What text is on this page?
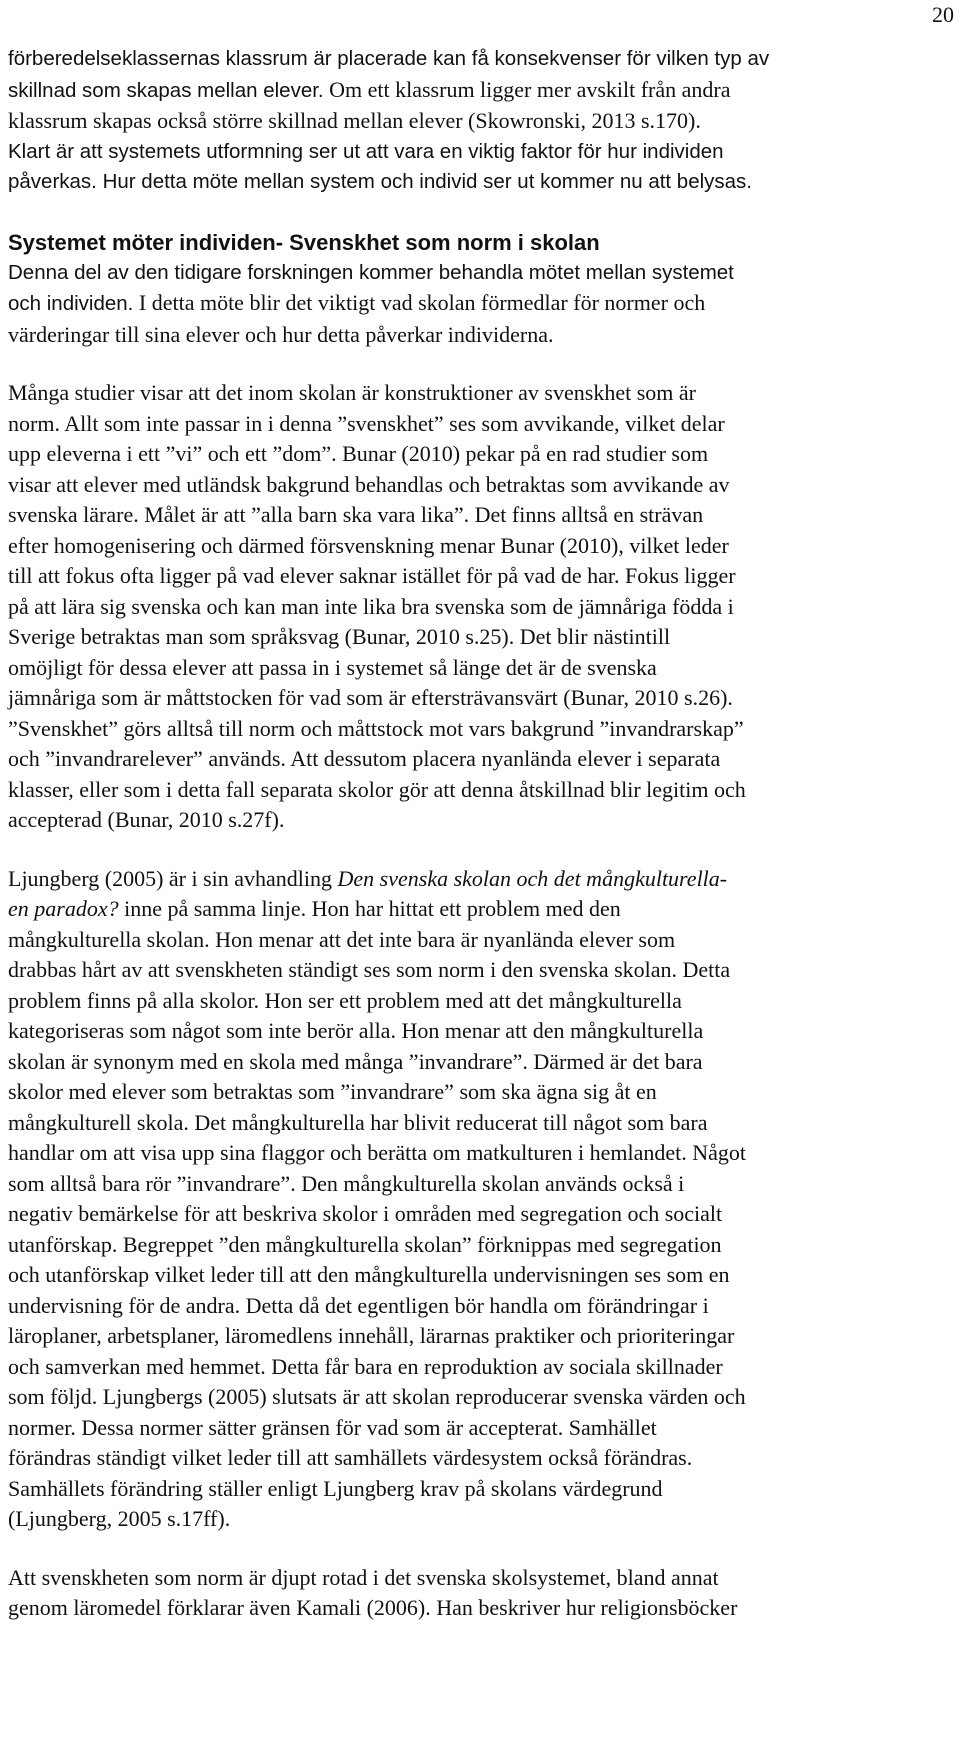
20

förberedelseklassernas klassrum är placerade kan få konsekvenser för vilken typ av
skillnad som skapas mellan elever. Om ett klassrum ligger mer avskilt från andra
klassrum skapas också större skillnad mellan elever (Skowronski, 2013 s.170).
Klart är att systemets utformning ser ut att vara en viktig faktor för hur individen
påverkas. Hur detta möte mellan system och individ ser ut kommer nu att belysas.

Systemet möter individen- Svenskhet som norm i skolan

Denna del av den tidigare forskningen kommer behandla mötet mellan systemet
och individen. I detta möte blir det viktigt vad skolan förmedlar för normer och
värderingar till sina elever och hur detta påverkar individerna.

Många studier visar att det inom skolan är konstruktioner av svenskhet som är
norm. Allt som inte passar in i denna ”svenskhet” ses som avvikande, vilket delar
upp eleverna i ett ”vi” och ett ”dom”. Bunar (2010) pekar på en rad studier som
visar att elever med utländsk bakgrund behandlas och betraktas som avvikande av
svenska lärare. Målet är att ”alla barn ska vara lika”. Det finns alltså en strävan
efter homogenisering och därmed försvenskning menar Bunar (2010), vilket leder
till att fokus ofta ligger på vad elever saknar istället för på vad de har. Fokus ligger
på att lära sig svenska och kan man inte lika bra svenska som de jämnåriga födda i
Sverige betraktas man som språksvag (Bunar, 2010 s.25). Det blir nästintill
omöjligt för dessa elever att passa in i systemet så länge det är de svenska
jämnåriga som är måttstocken för vad som är eftersträvansvärt (Bunar, 2010 s.26).
”Svenskhet” görs alltså till norm och måttstock mot vars bakgrund ”invandrarskap”
och ”invandrarelever” används. Att dessutom placera nyanlända elever i separata
klasser, eller som i detta fall separata skolor gör att denna åtskillnad blir legitim och
accepterad (Bunar, 2010 s.27f).

Ljungberg (2005) är i sin avhandling Den svenska skolan och det mångkulturella-
en paradox? inne på samma linje. Hon har hittat ett problem med den
mångkulturella skolan. Hon menar att det inte bara är nyanlända elever som
drabbas hårt av att svenskheten ständigt ses som norm i den svenska skolan. Detta
problem finns på alla skolor. Hon ser ett problem med att det mångkulturella
kategoriseras som något som inte berör alla. Hon menar att den mångkulturella
skolan är synonym med en skola med många ”invandrare”. Därmed är det bara
skolor med elever som betraktas som ”invandrare” som ska ägna sig åt en
mångkulturell skola. Det mångkulturella har blivit reducerat till något som bara
handlar om att visa upp sina flaggor och berätta om matkulturen i hemlandet. Något
som alltså bara rör ”invandrare”. Den mångkulturella skolan används också i
negativ bemärkelse för att beskriva skolor i områden med segregation och socialt
utanförskap. Begreppet ”den mångkulturella skolan” förknippas med segregation
och utanförskap vilket leder till att den mångkulturella undervisningen ses som en
undervisning för de andra. Detta då det egentligen bör handla om förändringar i
läroplaner, arbetsplaner, läromedlens innehåll, lärarnas praktiker och prioriteringar
och samverkan med hemmet. Detta får bara en reproduktion av sociala skillnader
som följd. Ljungbergs (2005) slutsats är att skolan reproducerar svenska värden och
normer. Dessa normer sätter gränsen för vad som är accepterat. Samhället
förändras ständigt vilket leder till att samhällets värdesystem också förändras.
Samhällets förändring ställer enligt Ljungberg krav på skolans värdegrund
(Ljungberg, 2005 s.17ff).

Att svenskheten som norm är djupt rotad i det svenska skolsystemet, bland annat
genom läromedel förklarar även Kamali (2006). Han beskriver hur religionsböcker
